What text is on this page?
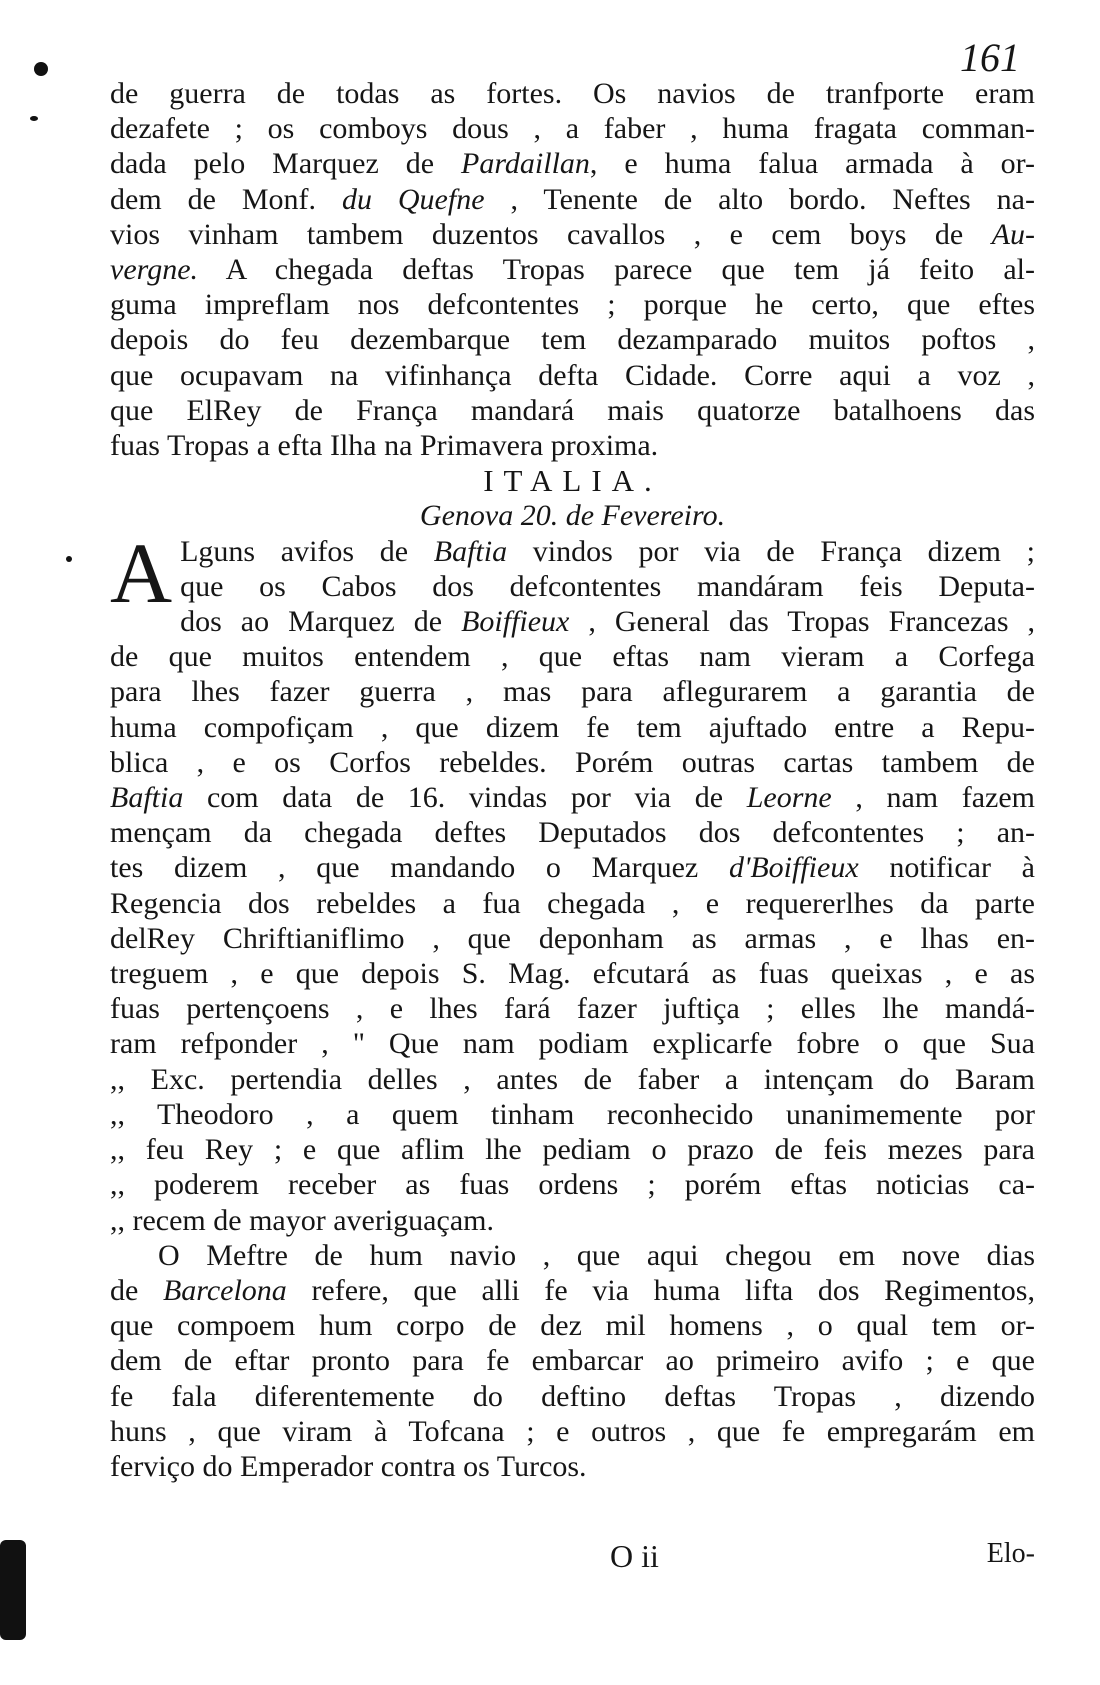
161
de guerra de todas as fortes. Os navios de tranfporte eram
dezafete ; os comboys dous , a faber , huma fragata comman-
dada pelo Marquez de Pardaillan, e huma falua armada à or-
dem de Monf. du Quefne , Tenente de alto bordo. Neftes na-
vios vinham tambem duzentos cavallos , e cem boys de Au-
vergne. A chegada deftas Tropas parece que tem já feito al-
guma impreflam nos defcontentes ; porque he certo, que eftes
depois do feu dezembarque tem dezamparado muitos poftos ,
que ocupavam na vifinhança defta Cidade. Corre aqui a voz ,
que ElRey de França mandará mais quatorze batalhoens das
fuas Tropas a efta Ilha na Primavera proxima.
ITALIA.
Genova 20. de Fevereiro.
A Lguns avifos de Baftia vindos por via de França dizem ;
que os Cabos dos defcontentes mandáram feis Deputa-
dos ao Marquez de Boiffieux , General das Tropas Francezas ,
de que muitos entendem , que eftas nam vieram a Corfega
para lhes fazer guerra , mas para aflegurarem a garantia de
huma compofiçam , que dizem fe tem ajuftado entre a Repu-
blica , e os Corfos rebeldes. Porém outras cartas tambem de
Baftia com data de 16. vindas por via de Leorne , nam fazem
mençam da chegada deftes Deputados dos defcontentes ; an-
tes dizem , que mandando o Marquez d'Boiffieux notificar à
Regencia dos rebeldes a fua chegada , e requererlhes da parte
delRey Chriftianiflimo , que deponham as armas , e lhas en-
treguem , e que depois S. Mag. efcutará as fuas queixas , e as
fuas pertençoens , e lhes fará fazer juftiça ; elles lhe mandá-
ram refponder , " Que nam podiam explicarfe fobre o que Sua
,, Exc. pertendia delles , antes de faber a intençam do Baram
,, Theodoro , a quem tinham reconhecido unanimemente por
,, feu Rey ; e que aflim lhe pediam o prazo de feis mezes para
,, poderem receber as fuas ordens ; porém eftas noticias ca-
,, recem de mayor averiguaçam.
O Meftre de hum navio , que aqui chegou em nove dias
de Barcelona refere, que alli fe via huma lifta dos Regimentos,
que compoem hum corpo de dez mil homens , o qual tem or-
dem de eftar pronto para fe embarcar ao primeiro avifo ; e que
fe fala diferentemente do deftino deftas Tropas , dizendo
huns , que viram à Tofcana ; e outros , que fe empregarám em
ferviço do Emperador contra os Turcos.
O ii	Elo-
